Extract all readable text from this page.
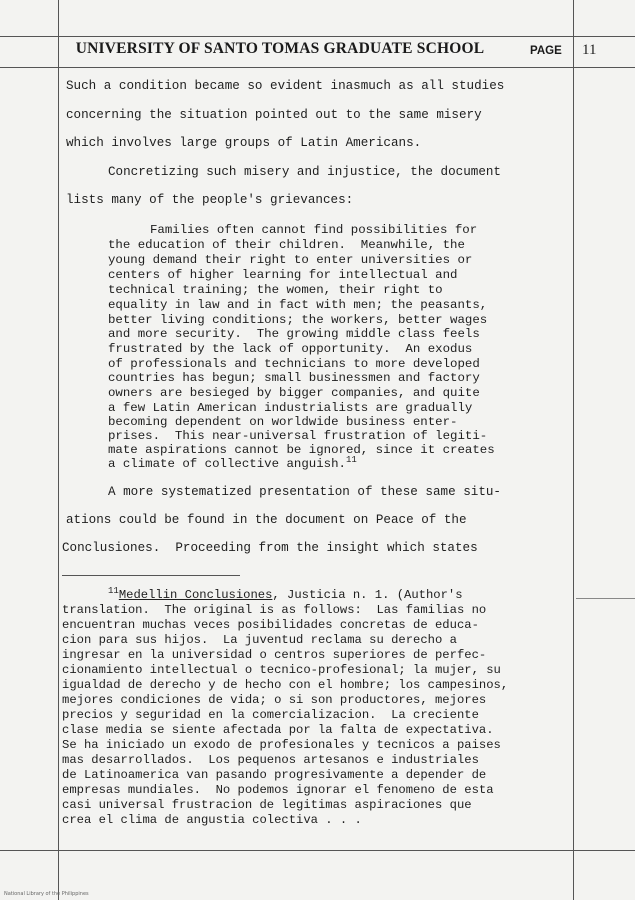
UNIVERSITY OF SANTO TOMAS GRADUATE SCHOOL	PAGE 11
Such a condition became so evident inasmuch as all studies
concerning the situation pointed out to the same misery
which involves large groups of Latin Americans.
Concretizing such misery and injustice, the document
lists many of the people's grievances:
Families often cannot find possibilities for
the education of their children.  Meanwhile, the
young demand their right to enter universities or
centers of higher learning for intellectual and
technical training; the women, their right to
equality in law and in fact with men; the peasants,
better living conditions; the workers, better wages
and more security.  The growing middle class feels
frustrated by the lack of opportunity.  An exodus
of professionals and technicians to more developed
countries has begun; small businessmen and factory
owners are besieged by bigger companies, and quite
a few Latin American industrialists are gradually
becoming dependent on worldwide business enter-
prises.  This near-universal frustration of legiti-
mate aspirations cannot be ignored, since it creates
a climate of collective anguish.$^{11}$
A more systematized presentation of these same situ-
ations could be found in the document on Peace of the
Conclusiones.  Proceeding from the insight which states
$^{11}$Medellin Conclusiones, Justicia n. 1. (Author's
translation.  The original is as follows:  Las familias no
encuentran muchas veces posibilidades concretas de educa-
cion para sus hijos.  La juventud reclama su derecho a
ingresar en la universidad o centros superiores de perfec-
cionamiento intellectual o tecnico-profesional; la mujer, su
igualdad de derecho y de hecho con el hombre; los campesinos,
mejores condiciones de vida; o si son productores, mejores
precios y seguridad en la comercializacion.  La creciente
clase media se siente afectada por la falta de expectativa.
Se ha iniciado un exodo de profesionales y tecnicos a paises
mas desarrollados.  Los pequenos artesanos e industriales
de Latinoamerica van pasando progresivamente a depender de
empresas mundiales.  No podemos ignorar el fenomeno de esta
casi universal frustracion de legitimas aspiraciones que
crea el clima de angustia colectiva . . .
National Library of the Philippines
